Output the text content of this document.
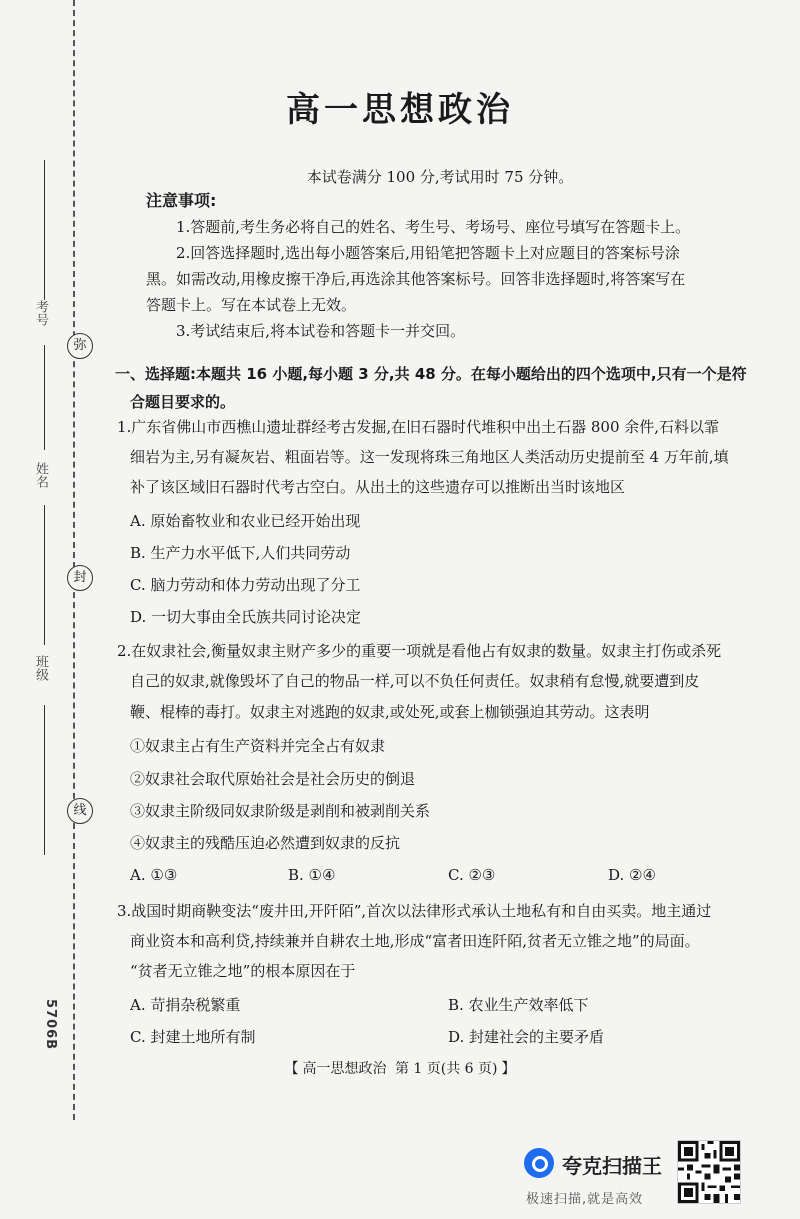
考号
姓名
班级
弥
封
线
5706B
高一思想政治
本试卷满分 100 分,考试用时 75 分钟。
注意事项:
1.答题前,考生务必将自己的姓名、考生号、考场号、座位号填写在答题卡上。
2.回答选择题时,选出每小题答案后,用铅笔把答题卡上对应题目的答案标号涂
黑。如需改动,用橡皮擦干净后,再选涂其他答案标号。回答非选择题时,将答案写在
答题卡上。写在本试卷上无效。
3.考试结束后,将本试卷和答题卡一并交回。
一、选择题:本题共 16 小题,每小题 3 分,共 48 分。在每小题给出的四个选项中,只有一个是符
合题目要求的。
1.广东省佛山市西樵山遗址群经考古发掘,在旧石器时代堆积中出土石器 800 余件,石料以霏
细岩为主,另有凝灰岩、粗面岩等。这一发现将珠三角地区人类活动历史提前至 4 万年前,填
补了该区域旧石器时代考古空白。从出土的这些遗存可以推断出当时该地区
A. 原始畜牧业和农业已经开始出现
B. 生产力水平低下,人们共同劳动
C. 脑力劳动和体力劳动出现了分工
D. 一切大事由全氏族共同讨论决定
2.在奴隶社会,衡量奴隶主财产多少的重要一项就是看他占有奴隶的数量。奴隶主打伤或杀死
自己的奴隶,就像毁坏了自己的物品一样,可以不负任何责任。奴隶稍有怠慢,就要遭到皮
鞭、棍棒的毒打。奴隶主对逃跑的奴隶,或处死,或套上枷锁强迫其劳动。这表明
①奴隶主占有生产资料并完全占有奴隶
②奴隶社会取代原始社会是社会历史的倒退
③奴隶主阶级同奴隶阶级是剥削和被剥削关系
④奴隶主的残酷压迫必然遭到奴隶的反抗
A. ①③	B. ①④	C. ②③	D. ②④
3.战国时期商鞅变法“废井田,开阡陌”,首次以法律形式承认土地私有和自由买卖。地主通过
商业资本和高利贷,持续兼并自耕农土地,形成“富者田连阡陌,贫者无立锥之地”的局面。
“贫者无立锥之地”的根本原因在于
A. 苛捐杂税繁重	B. 农业生产效率低下
C. 封建土地所有制	D. 封建社会的主要矛盾
【 高一思想政治 第 1 页(共 6 页) 】
夸克扫描王
极速扫描,就是高效
